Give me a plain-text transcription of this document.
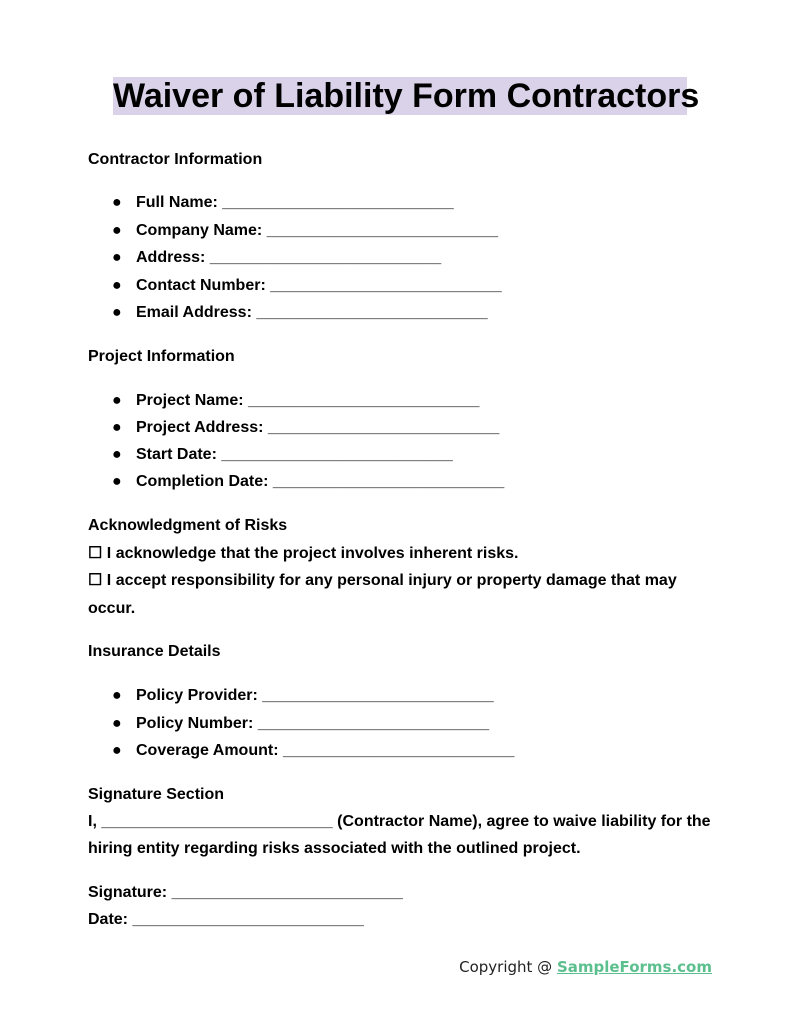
Waiver of Liability Form Contractors
Contractor Information
● Full Name: __________________________
● Company Name: __________________________
● Address: __________________________
● Contact Number: __________________________
● Email Address: __________________________
Project Information
● Project Name: __________________________
● Project Address: __________________________
● Start Date: __________________________
● Completion Date: __________________________
Acknowledgment of Risks
☐ I acknowledge that the project involves inherent risks.
☐ I accept responsibility for any personal injury or property damage that may
occur.
Insurance Details
● Policy Provider: __________________________
● Policy Number: __________________________
● Coverage Amount: __________________________
Signature Section
I, __________________________ (Contractor Name), agree to waive liability for the
hiring entity regarding risks associated with the outlined project.
Signature: __________________________
Date: __________________________
Copyright @ SampleForms.com
